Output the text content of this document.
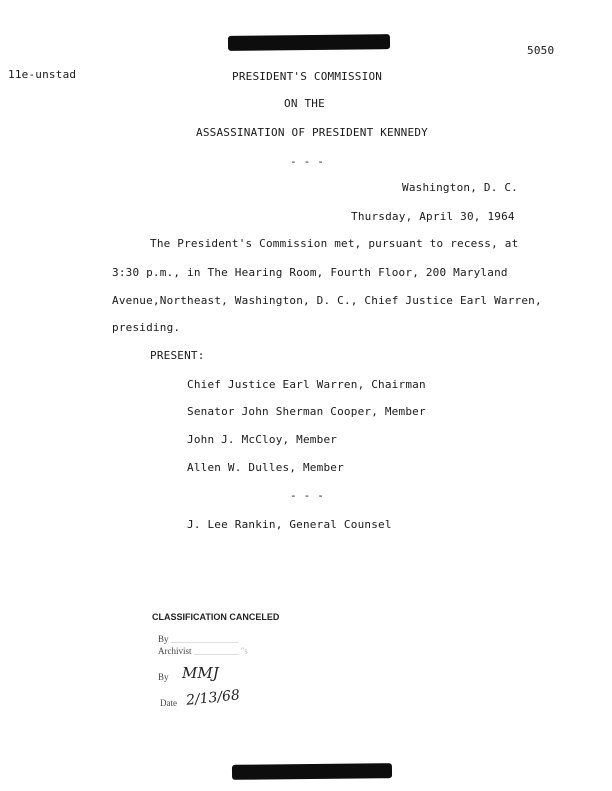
11e-unstad
5050
PRESIDENT'S COMMISSION
ON THE
ASSASSINATION OF PRESIDENT KENNEDY
- - -
Washington, D. C.
Thursday, April 30, 1964
The President's Commission met, pursuant to recess, at
3:30 p.m., in The Hearing Room, Fourth Floor, 200 Maryland
Avenue,Northeast, Washington, D. C., Chief Justice Earl Warren,
presiding.
PRESENT:
Chief Justice Earl Warren, Chairman
Senator John Sherman Cooper, Member
John J. McCloy, Member
Allen W. Dulles, Member
- - -
J. Lee Rankin, General Counsel
CLASSIFICATION CANCELED
By _______________
Archivist __________ ''s
By MMJ
Date 2/13/68
